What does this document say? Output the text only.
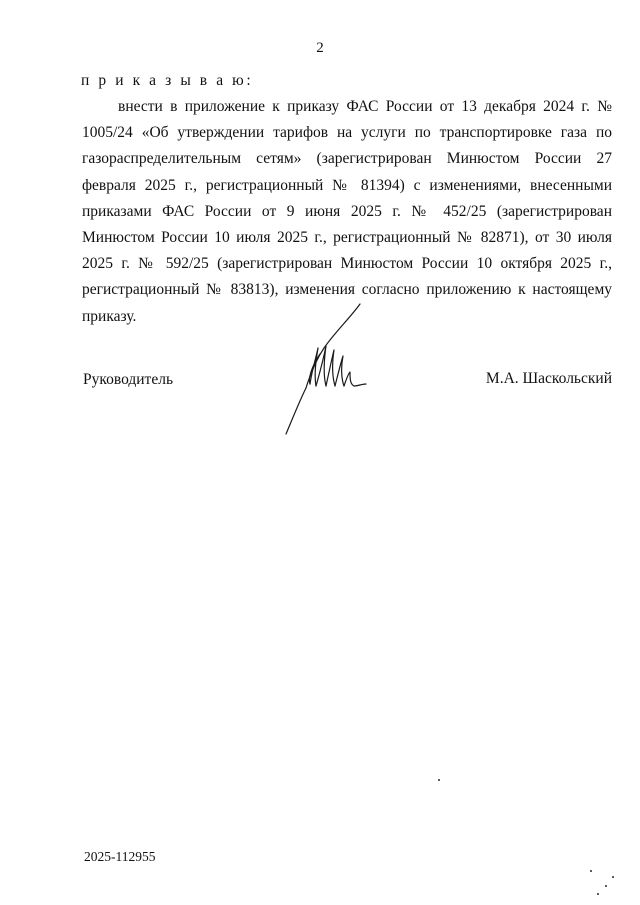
2
п р и к а з ы в а ю:

внести в приложение к приказу ФАС России от 13 декабря 2024 г. № 1005/24 «Об утверждении тарифов на услуги по транспортировке газа по газораспределительным сетям» (зарегистрирован Минюстом России 27 февраля 2025 г., регистрационный № 81394) с изменениями, внесенными приказами ФАС России от 9 июня 2025 г. № 452/25 (зарегистрирован Минюстом России 10 июля 2025 г., регистрационный № 82871), от 30 июля 2025 г. № 592/25 (зарегистрирован Минюстом России 10 октября 2025 г., регистрационный № 83813), изменения согласно приложению к настоящему приказу.

Руководитель	М.А. Шаскольский
2025-112955
